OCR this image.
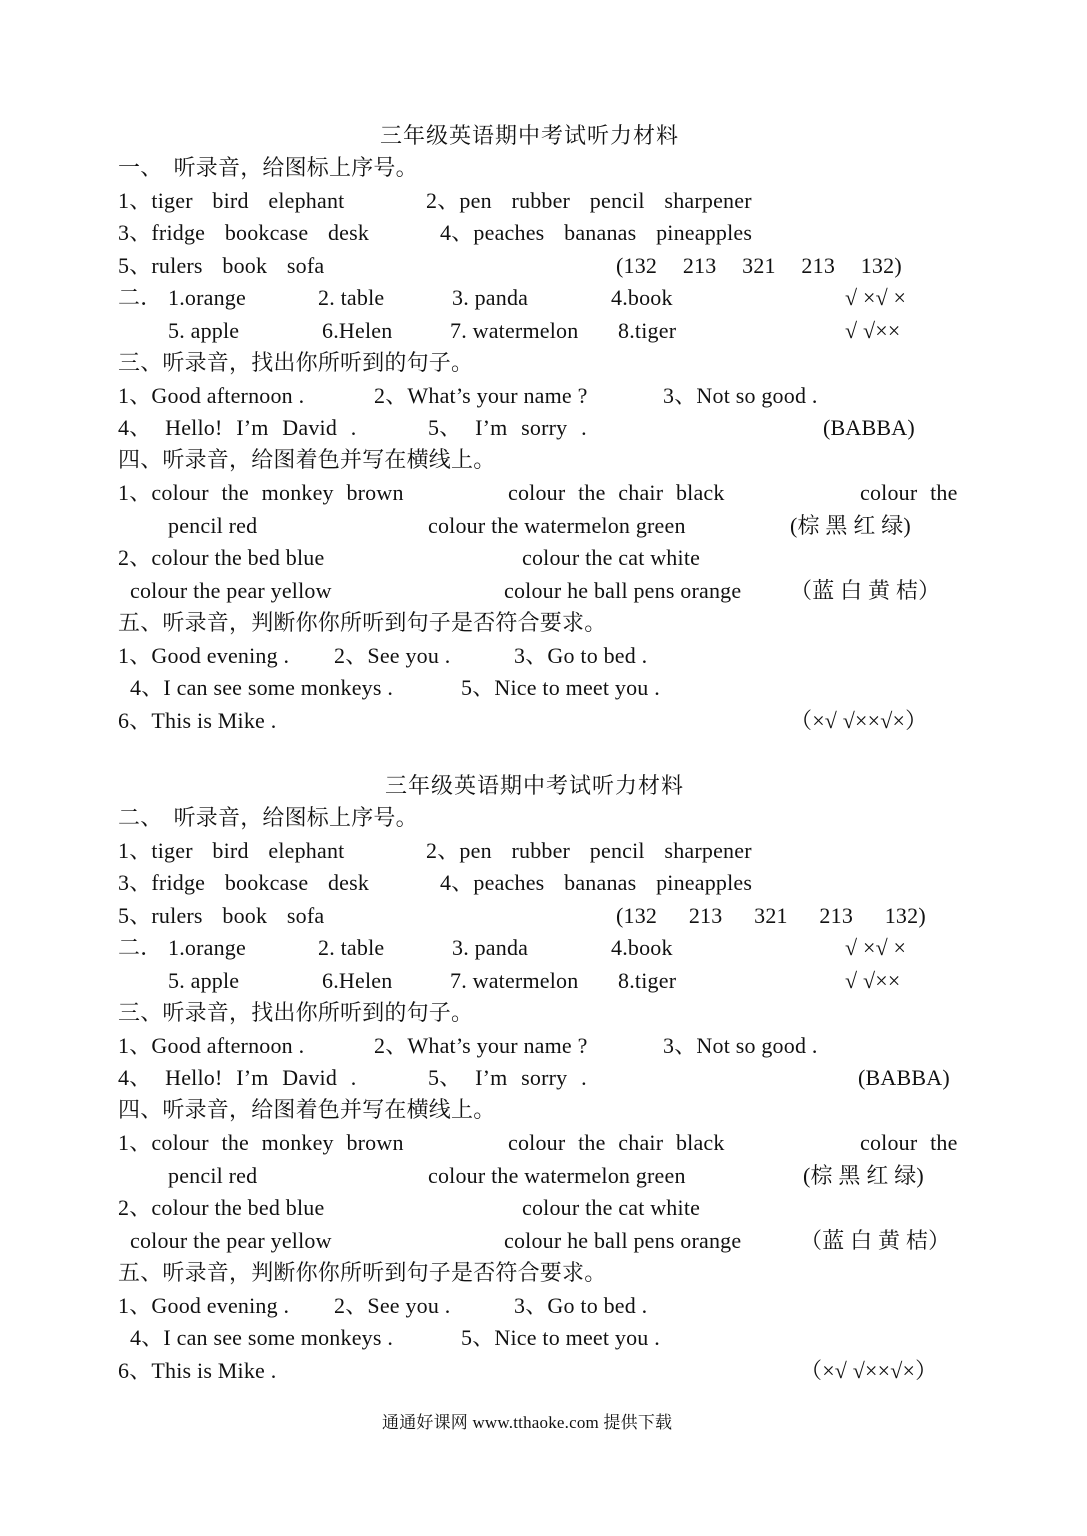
三年级英语期中考试听力材料
一、　听录音，给图标上序号。
1、tiger bird elephant	2、pen rubber pencil sharpener
3、fridge bookcase desk	4、peaches bananas pineapples
5、rulers book sofa	(132 213 321 213 132)
二． 1.orange	2. table	3. panda	4.book	√ ×√ ×
5. apple	6.Helen	7. watermelon 8.tiger	√ √××
三、听录音，找出你所听到的句子。
1、Good afternoon .	2、What’s your name ?	3、Not so good .
4、 Hello! I’m David .	5、 I’m sorry .	(BABBA)
四、听录音，给图着色并写在横线上。
1、colour the monkey brown	colour the chair black	colour the
pencil red	colour the watermelon green	(棕 黑 红 绿)
2、colour the bed blue	colour the cat white
colour the pear yellow	colour he ball pens orange （蓝 白 黄 桔）
五、听录音，判断你你所听到句子是否符合要求。
1、Good evening . 2、See you .	3、Go to bed .
4、I can see some monkeys .	5、Nice to meet you .
6、This is Mike .	（×√ √××√×）
三年级英语期中考试听力材料
二、　听录音，给图标上序号。
1、tiger bird elephant	2、pen rubber pencil sharpener
3、fridge bookcase desk	4、peaches bananas pineapples
5、rulers book sofa	(132 213 321 213 132)
二． 1.orange	2. table	3. panda	4.book	√ ×√ ×
5. apple	6.Helen	7. watermelon 8.tiger	√ √××
三、听录音，找出你所听到的句子。
1、Good afternoon .	2、What’s your name ?	3、Not so good .
4、 Hello! I’m David .	5、 I’m sorry .	(BABBA)
四、听录音，给图着色并写在横线上。
1、colour the monkey brown	colour the chair black	colour the
pencil red	colour the watermelon green	(棕 黑 红 绿)
2、colour the bed blue	colour the cat white
colour the pear yellow	colour he ball pens orange	（蓝 白 黄 桔）
五、听录音，判断你你所听到句子是否符合要求。
1、Good evening . 2、See you .	3、Go to bed .
4、I can see some monkeys .	5、Nice to meet you .
6、This is Mike .	（×√ √××√×）
通通好课网 www.tthaoke.com 提供下载
